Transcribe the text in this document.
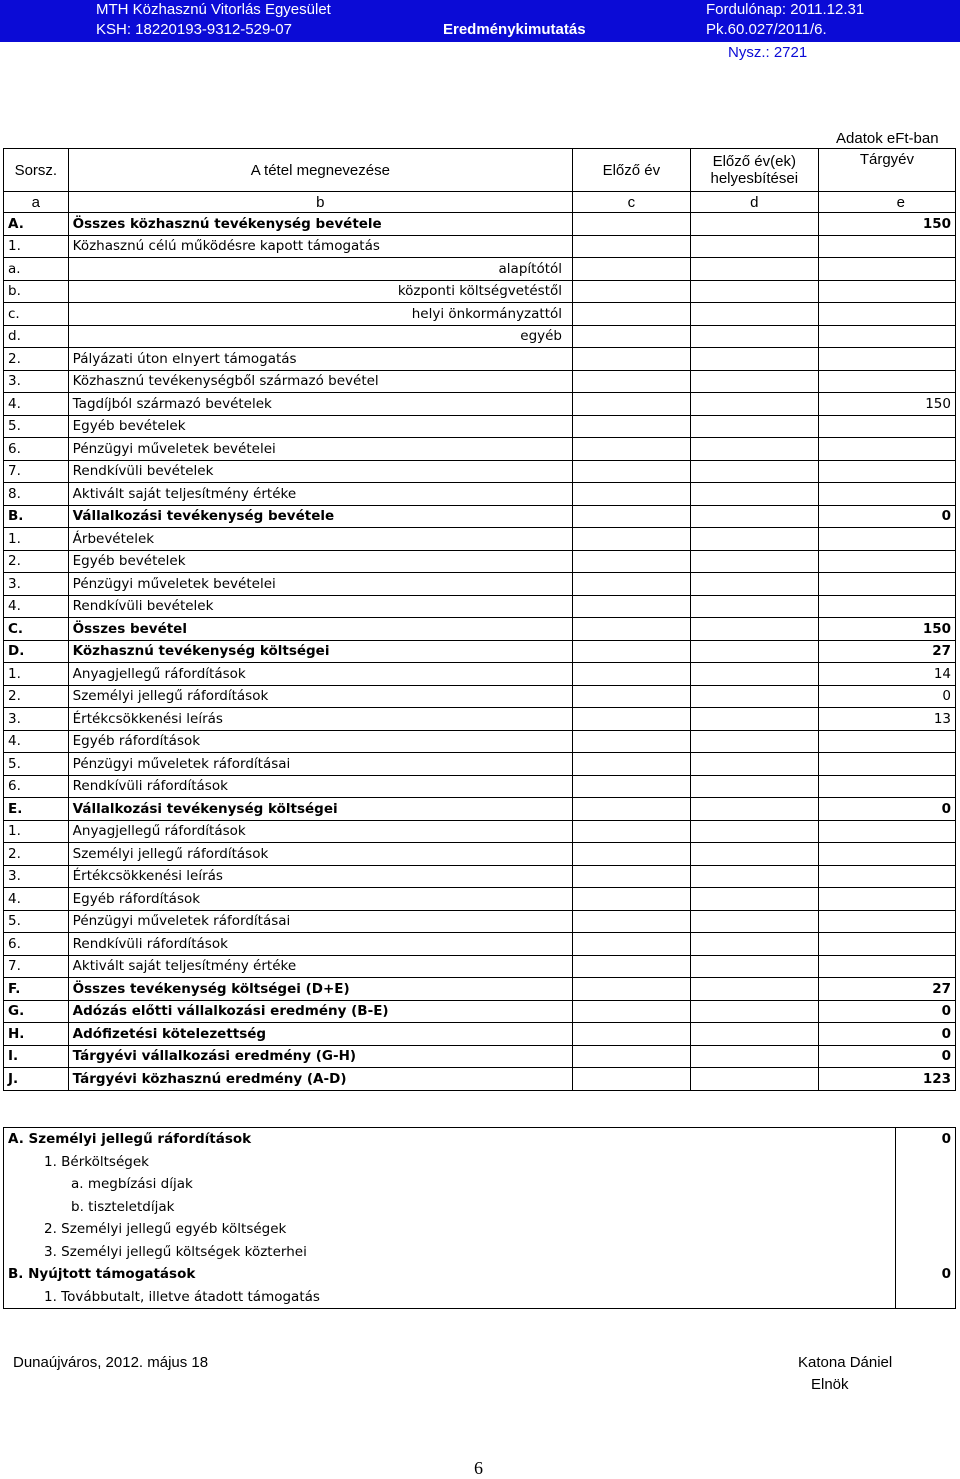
MTH Közhasznú Vitorlás Egyesület
KSH: 18220193-9312-529-07	Eredménykimutatás
Fordulónap: 2011.12.31
Pk.60.027/2011/6.
Nysz.: 2721
Adatok eFt-ban
Sorsz.	A tétel megnevezése	Előző év	Előző év(ek)
helyesbítései	Tárgyév
a	b	c	d	e
A.	Összes közhasznú tevékenység bevétele			150
1.	Közhasznú célú működésre kapott támogatás			
a.	alapítótól			
b.	központi költségvetéstől			
c.	helyi önkormányzattól			
d.	egyéb			
2.	Pályázati úton elnyert támogatás			
3.	Közhasznú tevékenységből származó bevétel			
4.	Tagdíjból származó bevételek			150
5.	Egyéb bevételek			
6.	Pénzügyi műveletek bevételei			
7.	Rendkívüli bevételek			
8.	Aktivált saját teljesítmény értéke			
B.	Vállalkozási tevékenység bevétele			0
1.	Árbevételek			
2.	Egyéb bevételek			
3.	Pénzügyi műveletek bevételei			
4.	Rendkívüli bevételek			
C.	Összes bevétel			150
D.	Közhasznú tevékenység költségei			27
1.	Anyagjellegű ráfordítások			14
2.	Személyi jellegű ráfordítások			0
3.	Értékcsökkenési leírás			13
4.	Egyéb ráfordítások			
5.	Pénzügyi műveletek ráfordításai			
6.	Rendkívüli ráfordítások			
E.	Vállalkozási tevékenység költségei			0
1.	Anyagjellegű ráfordítások			
2.	Személyi jellegű ráfordítások			
3.	Értékcsökkenési leírás			
4.	Egyéb ráfordítások			
5.	Pénzügyi műveletek ráfordításai			
6.	Rendkívüli ráfordítások			
7.	Aktivált saját teljesítmény értéke			
F.	Összes tevékenység költségei (D+E)			27
G.	Adózás előtti vállalkozási eredmény (B-E)			0
H.	Adófizetési kötelezettség			0
I.	Tárgyévi vállalkozási eredmény (G-H)			0
J.	Tárgyévi közhasznú eredmény (A-D)			123
A. Személyi jellegű ráfordítások	0
1. Bérköltségek	
a. megbízási díjak	
b. tiszteletdíjak	
2. Személyi jellegű egyéb költségek	
3. Személyi jellegű költségek közterhei	
B. Nyújtott támogatások	0
1. Továbbutalt, illetve átadott támogatás	
Dunaújváros, 2012. május 18	Katona Dániel
Elnök
6
